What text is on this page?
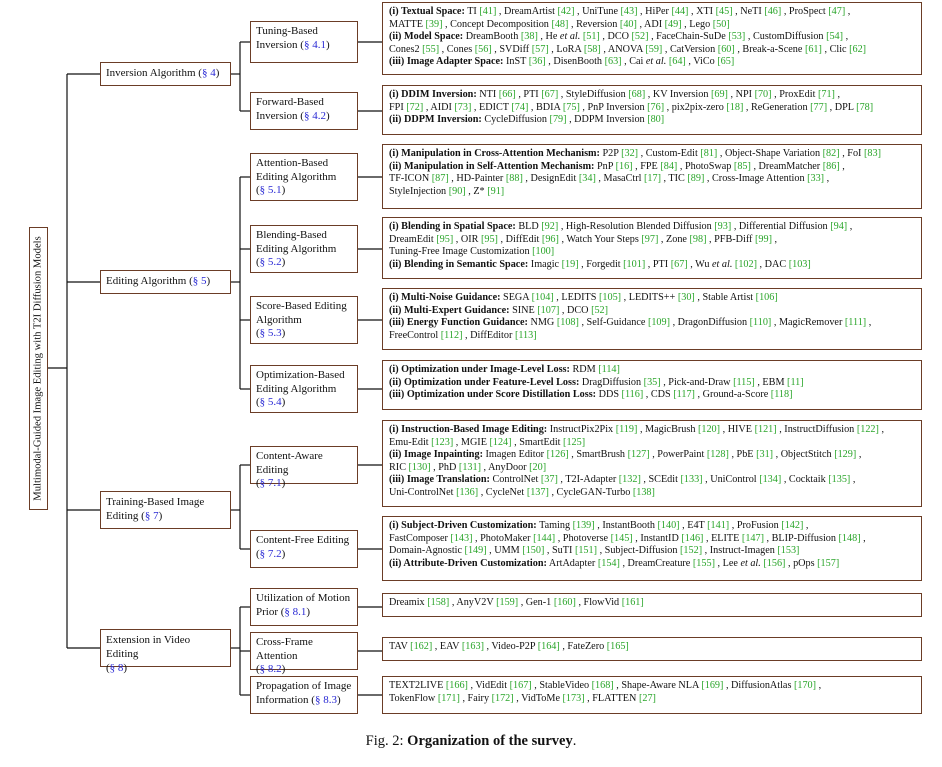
Multimodal-Guided Image Editing with T2I Diffusion Models
Inversion Algorithm (§ 4)
Tuning-Based
Inversion (§ 4.1)
(i) Textual Space: TI [41] , DreamArtist [42] , UniTune [43] , HiPer [44] , XTI [45] , NeTI [46] , ProSpect [47] ,
MATTE [39] , Concept Decomposition [48] , Reversion [40] , ADI [49] , Lego [50]
(ii) Model Space: DreamBooth [38] , He et al. [51] , DCO [52] , FaceChain-SuDe [53] , CustomDiffusion [54] ,
Cones2 [55] , Cones [56] , SVDiff [57] , LoRA [58] , ANOVA [59] , CatVersion [60] , Break-a-Scene [61] , Clic [62]
(iii) Image Adapter Space: InST [36] , DisenBooth [63] , Cai et al. [64] , ViCo [65]
Forward-Based
Inversion (§ 4.2)
(i) DDIM Inversion: NTI [66] , PTI [67] , StyleDiffusion [68] , KV Inversion [69] , NPI [70] , ProxEdit [71] ,
FPI [72] , AIDI [73] , EDICT [74] , BDIA [75] , PnP Inversion [76] , pix2pix-zero [18] , ReGeneration [77] , DPL [78]
(ii) DDPM Inversion: CycleDiffusion [79] , DDPM Inversion [80]
Editing Algorithm (§ 5)
Attention-Based
Editing Algorithm
(§ 5.1)
(i) Manipulation in Cross-Attention Mechanism: P2P [32] , Custom-Edit [81] , Object-Shape Variation [82] , FoI [83]
(ii) Manipulation in Self-Attention Mechanism: PnP [16] , FPE [84] , PhotoSwap [85] , DreamMatcher [86] ,
TF-ICON [87] , HD-Painter [88] , DesignEdit [34] , MasaCtrl [17] , TIC [89] , Cross-Image Attention [33] ,
StyleInjection [90] , Z* [91]
Blending-Based
Editing Algorithm
(§ 5.2)
(i) Blending in Spatial Space: BLD [92] , High-Resolution Blended Diffusion [93] , Differential Diffusion [94] ,
DreamEdit [95] , OIR [95] , DiffEdit [96] , Watch Your Steps [97] , Zone [98] , PFB-Diff [99] ,
Tuning-Free Image Customization [100]
(ii) Blending in Semantic Space: Imagic [19] , Forgedit [101] , PTI [67] , Wu et al. [102] , DAC [103]
Score-Based Editing
Algorithm
(§ 5.3)
(i) Multi-Noise Guidance: SEGA [104] , LEDITS [105] , LEDITS++ [30] , Stable Artist [106]
(ii) Multi-Expert Guidance: SINE [107] , DCO [52]
(iii) Energy Function Guidance: NMG [108] , Self-Guidance [109] , DragonDiffusion [110] , MagicRemover [111] ,
FreeControl [112] , DiffEditor [113]
Optimization-Based
Editing Algorithm
(§ 5.4)
(i) Optimization under Image-Level Loss: RDM [114]
(ii) Optimization under Feature-Level Loss: DragDiffusion [35] , Pick-and-Draw [115] , EBM [11]
(iii) Optimization under Score Distillation Loss: DDS [116] , CDS [117] , Ground-a-Score [118]
Training-Based Image
Editing (§ 7)
Content-Aware Editing
(§ 7.1)
(i) Instruction-Based Image Editing: InstructPix2Pix [119] , MagicBrush [120] , HIVE [121] , InstructDiffusion [122] ,
Emu-Edit [123] , MGIE [124] , SmartEdit [125]
(ii) Image Inpainting: Imagen Editor [126] , SmartBrush [127] , PowerPaint [128] , PbE [31] , ObjectStitch [129] ,
RIC [130] , PhD [131] , AnyDoor [20]
(iii) Image Translation: ControlNet [37] , T2I-Adapter [132] , SCEdit [133] , UniControl [134] , Cocktaik [135] ,
Uni-ControlNet [136] , CycleNet [137] , CycleGAN-Turbo [138]
Content-Free Editing
(§ 7.2)
(i) Subject-Driven Customization: Taming [139] , InstantBooth [140] , E4T [141] , ProFusion [142] ,
FastComposer [143] , PhotoMaker [144] , Photoverse [145] , InstantID [146] , ELITE [147] , BLIP-Diffusion [148] ,
Domain-Agnostic [149] , UMM [150] , SuTI [151] , Subject-Diffusion [152] , Instruct-Imagen [153]
(ii) Attribute-Driven Customization: ArtAdapter [154] , DreamCreature [155] , Lee et al. [156] , pOps [157]
Extension in Video Editing
(§ 8)
Utilization of Motion
Prior (§ 8.1)
Dreamix [158] , AnyV2V [159] , Gen-1 [160] , FlowVid [161]
Cross-Frame Attention
(§ 8.2)
TAV [162] , EAV [163] , Video-P2P [164] , FateZero [165]
Propagation of Image
Information (§ 8.3)
TEXT2LIVE [166] , VidEdit [167] , StableVideo [168] , Shape-Aware NLA [169] , DiffusionAtlas [170] ,
TokenFlow [171] , Fairy [172] , VidToMe [173] , FLATTEN [27]
Fig. 2: Organization of the survey.
